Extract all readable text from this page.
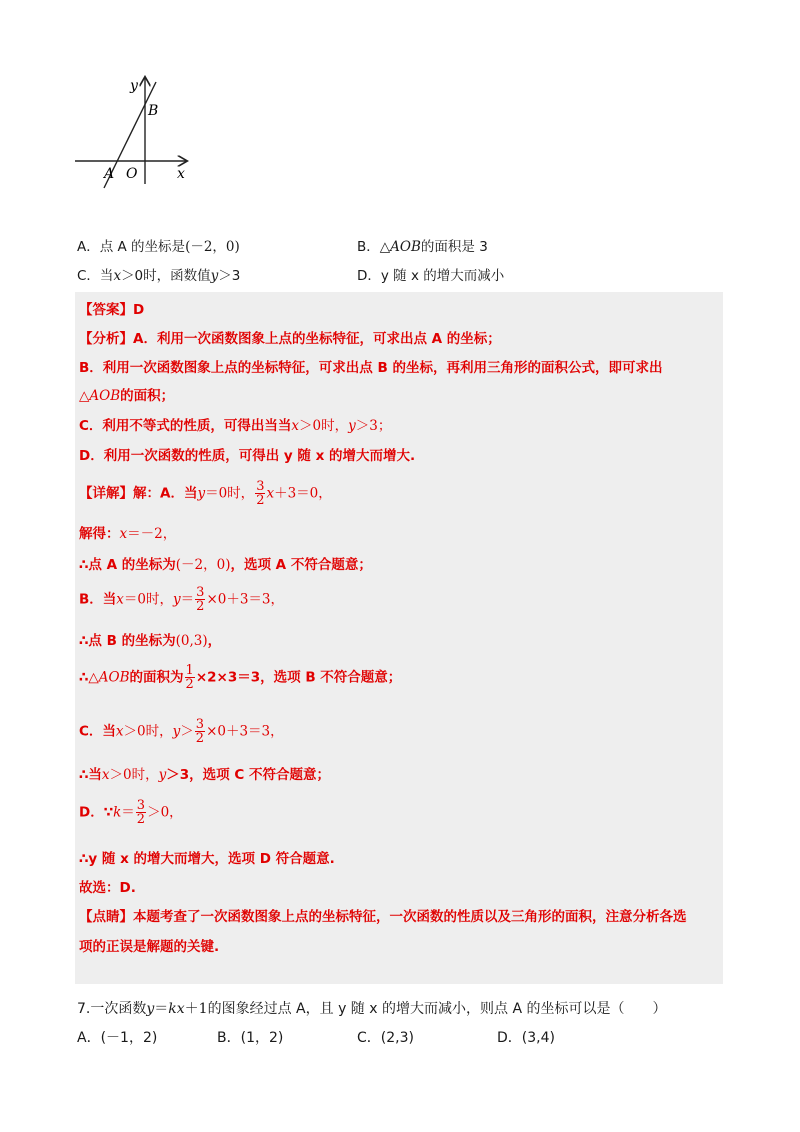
y
B
A O	x
A．点 A 的坐标是(－2，0)	B．△AOB的面积是 3
C．当x＞0时，函数值y＞3	D．y 随 x 的增大而减小
【答案】D
【分析】A．利用一次函数图象上点的坐标特征，可求出点 A 的坐标；
B．利用一次函数图象上点的坐标特征，可求出点 B 的坐标，再利用三角形的面积公式，即可求出
△AOB的面积；
C．利用不等式的性质，可得出当当x＞0时，y＞3；
D．利用一次函数的性质，可得出 y 随 x 的增大而增大.
【详解】解：A．当y＝0时， $\frac{3}{2} x+3=0$，
解得：x＝－2，
∴点 A 的坐标为(－2，0)，选项 A 不符合题意；
B．当x＝0时，$y= \frac{3}{2} \times 0+3=3$，
∴点 B 的坐标为(0,3)，
∴△AOB的面积为 $\frac{1}{2} \times 2\times 3=3$，选项 B 不符合题意；
C．当x＞0时，$y> \frac{3}{2} \times 0+3=3$，
∴当x＞0时，y＞3，选项 C 不符合题意；
D．∵k＝ $\frac{3}{2} >0$，
∴y 随 x 的增大而增大，选项 D 符合题意.
故选：D.
【点睛】本题考查了一次函数图象上点的坐标特征，一次函数的性质以及三角形的面积，注意分析各选
项的正误是解题的关键.
7.一次函数y＝kx＋1的图象经过点 A，且 y 随 x 的增大而减小，则点 A 的坐标可以是（　　）
A．(－1，2)	B．(1，2)	C．(2,3)	D．(3,4)
